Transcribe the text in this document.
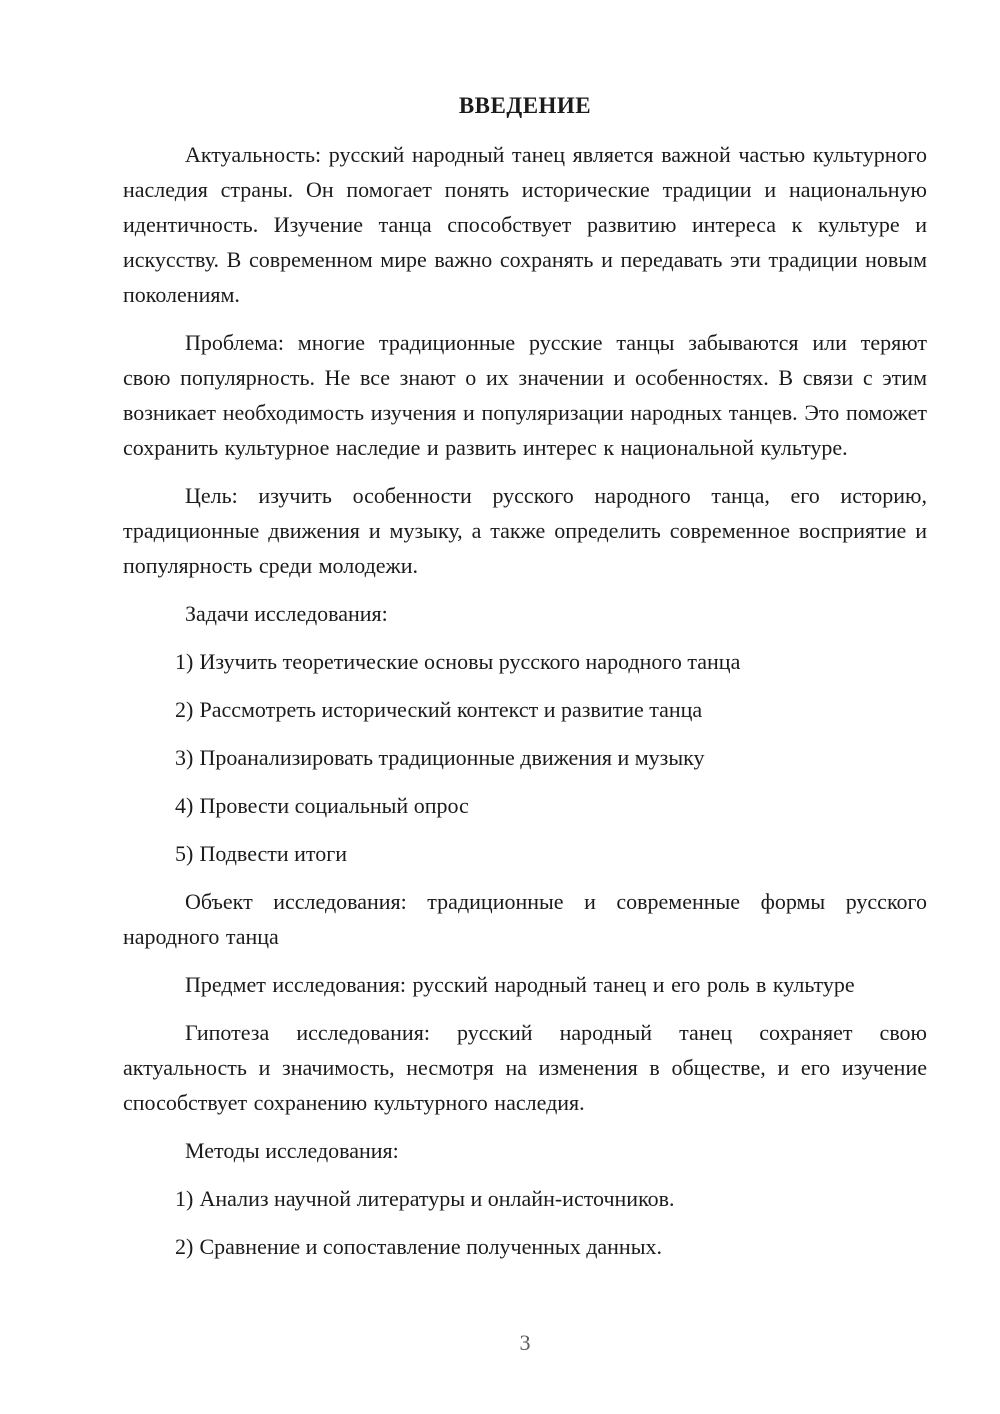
ВВЕДЕНИЕ

Актуальность: русский народный танец является важной частью культурного наследия страны. Он помогает понять исторические традиции и национальную идентичность. Изучение танца способствует развитию интереса к культуре и искусству. В современном мире важно сохранять и передавать эти традиции новым поколениям.

Проблема: многие традиционные русские танцы забываются или теряют свою популярность. Не все знают о их значении и особенностях. В связи с этим возникает необходимость изучения и популяризации народных танцев. Это поможет сохранить культурное наследие и развить интерес к национальной культуре.

Цель: изучить особенности русского народного танца, его историю, традиционные движения и музыку, а также определить современное восприятие и популярность среди молодежи.

Задачи исследования:

1) Изучить теоретические основы русского народного танца

2) Рассмотреть исторический контекст и развитие танца

3) Проанализировать традиционные движения и музыку

4) Провести социальный опрос

5) Подвести итоги

Объект исследования: традиционные и современные формы русского народного танца

Предмет исследования: русский народный танец и его роль в культуре

Гипотеза исследования: русский народный танец сохраняет свою актуальность и значимость, несмотря на изменения в обществе, и его изучение способствует сохранению культурного наследия.

Методы исследования:

1) Анализ научной литературы и онлайн-источников.

2) Сравнение и сопоставление полученных данных.

3
